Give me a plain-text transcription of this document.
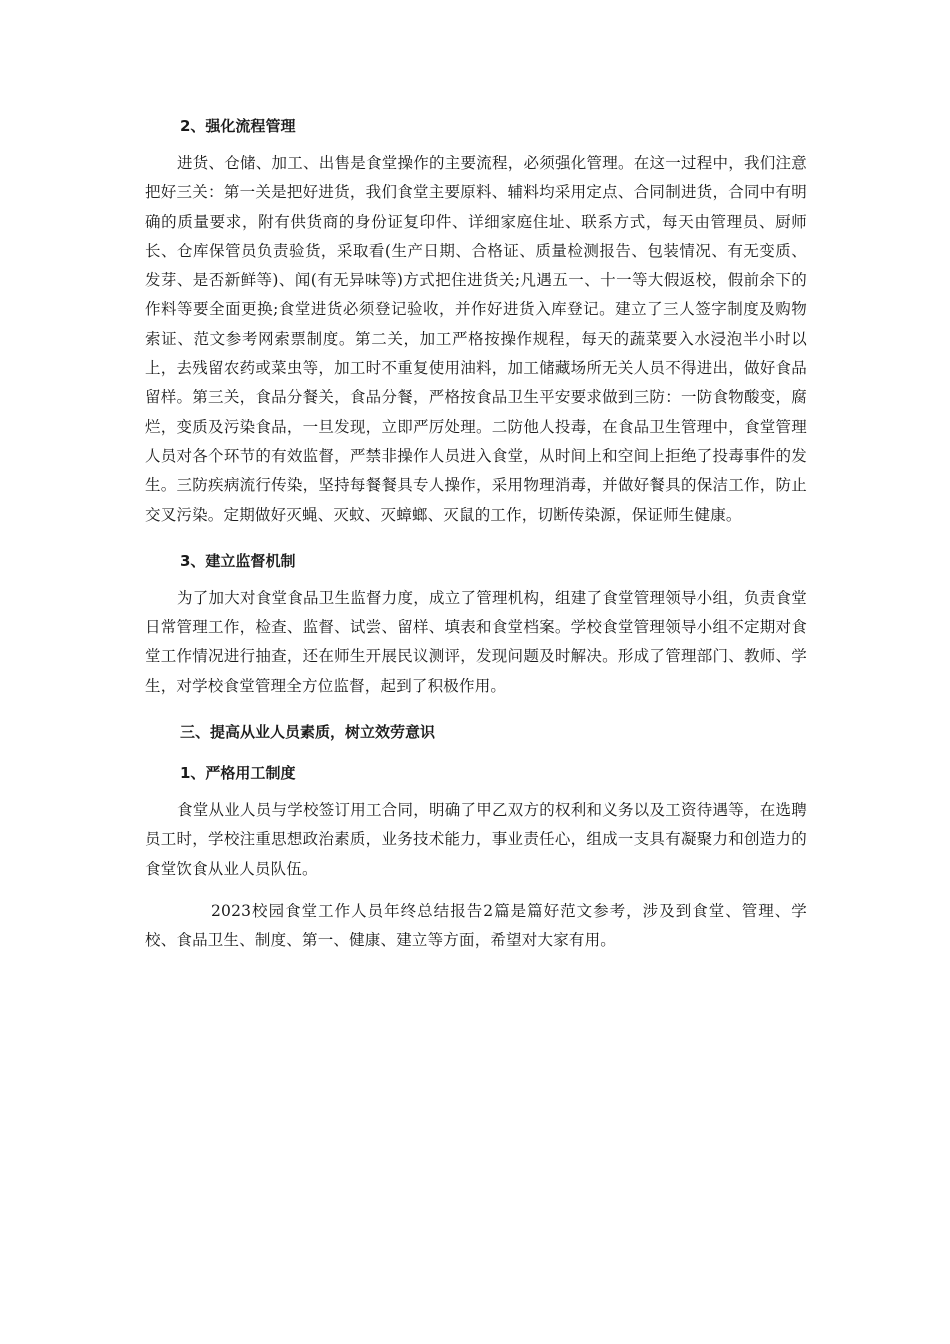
2、强化流程管理

进货、仓储、加工、出售是食堂操作的主要流程，必须强化管理。在这一过程中，我们注意把好三关：第一关是把好进货，我们食堂主要原料、辅料均采用定点、合同制进货，合同中有明确的质量要求，附有供货商的身份证复印件、详细家庭住址、联系方式，每天由管理员、厨师长、仓库保管员负责验货，采取看(生产日期、合格证、质量检测报告、包装情况、有无变质、发芽、是否新鲜等)、闻(有无异味等)方式把住进货关;凡遇五一、十一等大假返校，假前余下的作料等要全面更换;食堂进货必须登记验收，并作好进货入库登记。建立了三人签字制度及购物索证、范文参考网索票制度。第二关，加工严格按操作规程，每天的蔬菜要入水浸泡半小时以上，去残留农药或菜虫等，加工时不重复使用油料，加工储藏场所无关人员不得进出，做好食品留样。第三关，食品分餐关，食品分餐，严格按食品卫生平安要求做到三防：一防食物酸变，腐烂，变质及污染食品，一旦发现，立即严厉处理。二防他人投毒，在食品卫生管理中，食堂管理人员对各个环节的有效监督，严禁非操作人员进入食堂，从时间上和空间上拒绝了投毒事件的发生。三防疾病流行传染，坚持每餐餐具专人操作，采用物理消毒，并做好餐具的保洁工作，防止交叉污染。定期做好灭蝇、灭蚊、灭蟑螂、灭鼠的工作，切断传染源，保证师生健康。

3、建立监督机制

为了加大对食堂食品卫生监督力度，成立了管理机构，组建了食堂管理领导小组，负责食堂日常管理工作，检查、监督、试尝、留样、填表和食堂档案。学校食堂管理领导小组不定期对食堂工作情况进行抽查，还在师生开展民议测评，发现问题及时解决。形成了管理部门、教师、学生，对学校食堂管理全方位监督，起到了积极作用。

三、提高从业人员素质，树立效劳意识
1、严格用工制度

食堂从业人员与学校签订用工合同，明确了甲乙双方的权利和义务以及工资待遇等，在选聘员工时，学校注重思想政治素质，业务技术能力，事业责任心，组成一支具有凝聚力和创造力的食堂饮食从业人员队伍。

2023校园食堂工作人员年终总结报告2篇是篇好范文参考，涉及到食堂、管理、学校、食品卫生、制度、第一、健康、建立等方面，希望对大家有用。
